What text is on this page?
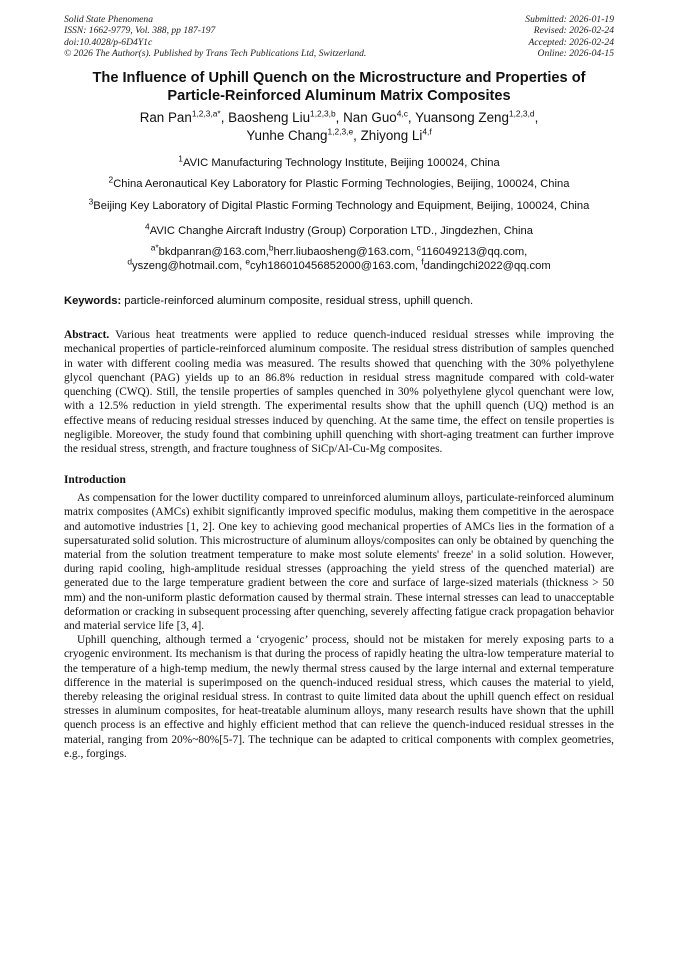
Solid State Phenomena
ISSN: 1662-9779, Vol. 388, pp 187-197
doi:10.4028/p-6D4Y1c
© 2026 The Author(s). Published by Trans Tech Publications Ltd, Switzerland.
Submitted: 2026-01-19
Revised: 2026-02-24
Accepted: 2026-02-24
Online: 2026-04-15
The Influence of Uphill Quench on the Microstructure and Properties of
Particle-Reinforced Aluminum Matrix Composites
Ran Pan$^{1,2,3,a*}$, Baosheng Liu$^{1,2,3,b}$, Nan Guo$^{4,c}$, Yuansong Zeng$^{1,2,3,d}$,
Yunhe Chang$^{1,2,3,e}$, Zhiyong Li$^{4,f}$
$^1$AVIC Manufacturing Technology Institute, Beijing 100024, China
$^2$China Aeronautical Key Laboratory for Plastic Forming Technologies, Beijing, 100024, China
$^3$Beijing Key Laboratory of Digital Plastic Forming Technology and Equipment, Beijing, 100024, China
$^4$AVIC Changhe Aircraft Industry (Group) Corporation LTD., Jingdezhen, China
$^{a*}$bkdpanran@163.com,$^b$herr.liubaosheng@163.com, $^c$116049213@qq.com,
$^d$yszeng@hotmail.com, $^e$cyh186010456852000@163.com, $^f$dandingchi2022@qq.com
Keywords: particle-reinforced aluminum composite, residual stress, uphill quench.
Abstract. Various heat treatments were applied to reduce quench-induced residual stresses while improving the mechanical properties of particle-reinforced aluminum composite. The residual stress distribution of samples quenched in water with different cooling media was measured. The results showed that quenching with the 30% polyethylene glycol quenchant (PAG) yields up to an 86.8% reduction in residual stress magnitude compared with cold-water quenching (CWQ). Still, the tensile properties of samples quenched in 30% polyethylene glycol quenchant were low, with a 12.5% reduction in yield strength. The experimental results show that the uphill quench (UQ) method is an effective means of reducing residual stresses induced by quenching. At the same time, the effect on tensile properties is negligible. Moreover, the study found that combining uphill quenching with short-aging treatment can further improve the residual stress, strength, and fracture toughness of SiCp/Al-Cu-Mg composites.
Introduction
As compensation for the lower ductility compared to unreinforced aluminum alloys, particulate-reinforced aluminum matrix composites (AMCs) exhibit significantly improved specific modulus, making them competitive in the aerospace and automotive industries [1, 2]. One key to achieving good mechanical properties of AMCs lies in the formation of a supersaturated solid solution. This microstructure of aluminum alloys/composites can only be obtained by quenching the material from the solution treatment temperature to make most solute elements' freeze' in a solid solution. However, during rapid cooling, high-amplitude residual stresses (approaching the yield stress of the quenched material) are generated due to the large temperature gradient between the core and surface of large-sized materials (thickness > 50 mm) and the non-uniform plastic deformation caused by thermal strain. These internal stresses can lead to unacceptable deformation or cracking in subsequent processing after quenching, severely affecting fatigue crack propagation behavior and material service life [3, 4].
Uphill quenching, although termed a ‘cryogenic’ process, should not be mistaken for merely exposing parts to a cryogenic environment. Its mechanism is that during the process of rapidly heating the ultra-low temperature material to the temperature of a high-temp medium, the newly thermal stress caused by the large internal and external temperature difference in the material is superimposed on the quench-induced residual stress, which causes the material to yield, thereby releasing the original residual stress. In contrast to quite limited data about the uphill quench effect on residual stresses in aluminum composites, for heat-treatable aluminum alloys, many research results have shown that the uphill quench process is an effective and highly efficient method that can relieve the quench-induced residual stresses in the material, ranging from 20%~80%[5-7]. The technique can be adapted to critical components with complex geometries, e.g., forgings.
